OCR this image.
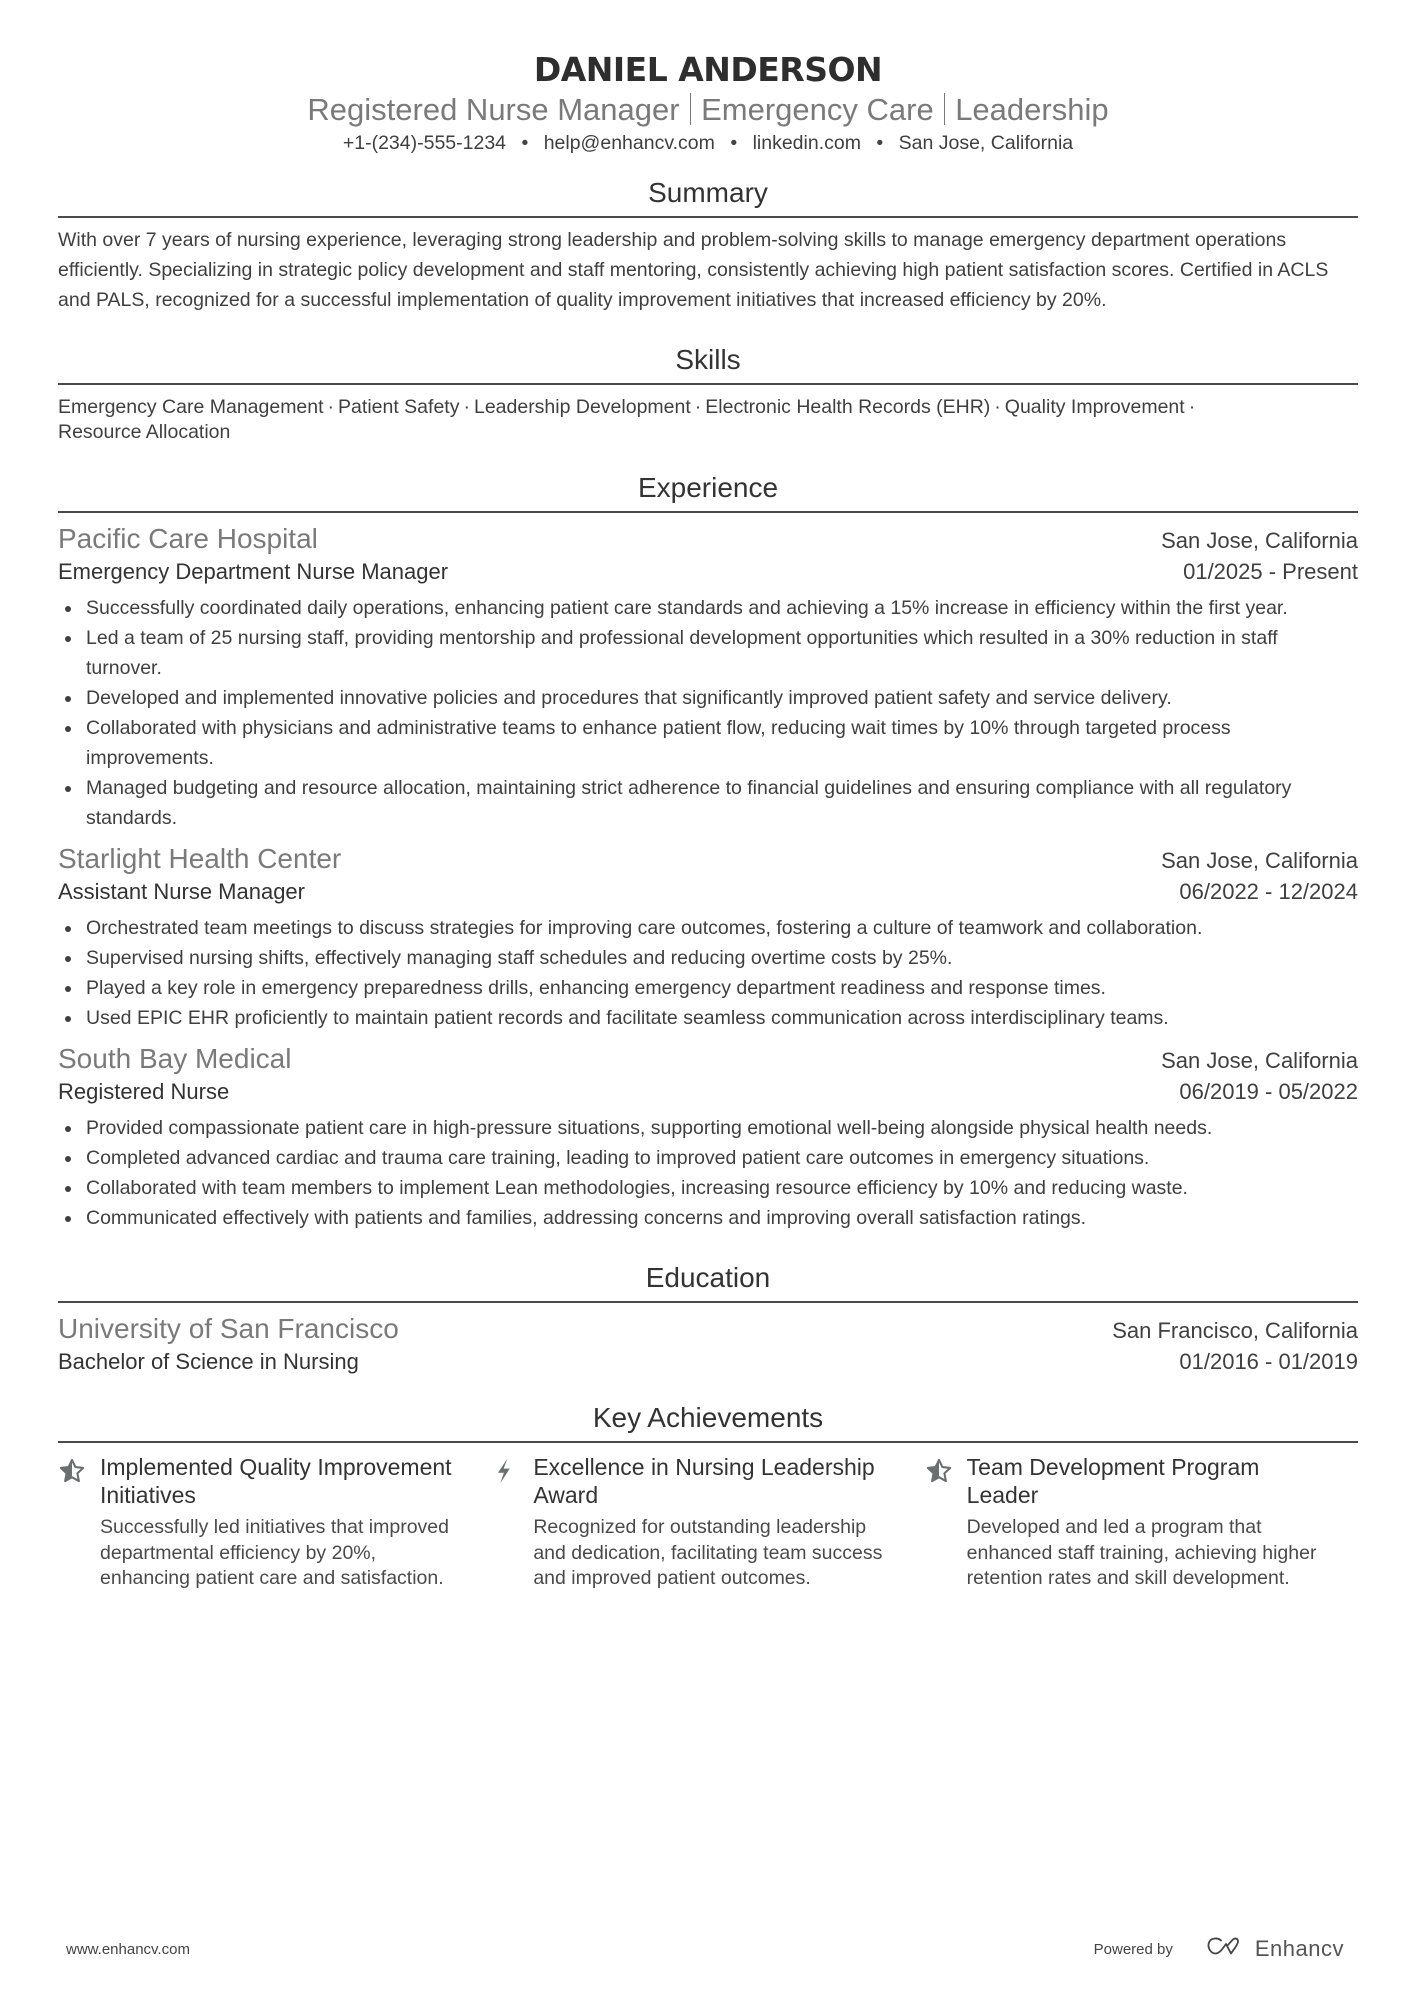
DANIEL ANDERSON
Registered Nurse Manager Emergency Care Leadership
+1-(234)-555-1234 • help@enhancv.com • linkedin.com • San Jose, California
Summary

With over 7 years of nursing experience, leveraging strong leadership and problem-solving skills to manage emergency department operations efficiently. Specializing in strategic policy development and staff mentoring, consistently achieving high patient satisfaction scores. Certified in ACLS and PALS, recognized for a successful implementation of quality improvement initiatives that increased efficiency by 20%.

Skills
Emergency Care Management · Patient Safety · Leadership Development · Electronic Health Records (EHR) · Quality Improvement ·
Resource Allocation
Experience
Pacific Care Hospital	San Jose, California
Emergency Department Nurse Manager	01/2025 - Present
Successfully coordinated daily operations, enhancing patient care standards and achieving a 15% increase in efficiency within the first year.
Led a team of 25 nursing staff, providing mentorship and professional development opportunities which resulted in a 30% reduction in staff turnover.
Developed and implemented innovative policies and procedures that significantly improved patient safety and service delivery.
Collaborated with physicians and administrative teams to enhance patient flow, reducing wait times by 10% through targeted process improvements.
Managed budgeting and resource allocation, maintaining strict adherence to financial guidelines and ensuring compliance with all regulatory standards.
Starlight Health Center	San Jose, California
Assistant Nurse Manager	06/2022 - 12/2024
Orchestrated team meetings to discuss strategies for improving care outcomes, fostering a culture of teamwork and collaboration.
Supervised nursing shifts, effectively managing staff schedules and reducing overtime costs by 25%.
Played a key role in emergency preparedness drills, enhancing emergency department readiness and response times.
Used EPIC EHR proficiently to maintain patient records and facilitate seamless communication across interdisciplinary teams.
South Bay Medical	San Jose, California
Registered Nurse	06/2019 - 05/2022
Provided compassionate patient care in high-pressure situations, supporting emotional well-being alongside physical health needs.
Completed advanced cardiac and trauma care training, leading to improved patient care outcomes in emergency situations.
Collaborated with team members to implement Lean methodologies, increasing resource efficiency by 10% and reducing waste.
Communicated effectively with patients and families, addressing concerns and improving overall satisfaction ratings.
Education
University of San Francisco	San Francisco, California
Bachelor of Science in Nursing	01/2016 - 01/2019
Key Achievements
Implemented Quality Improvement Initiatives
Successfully led initiatives that improved departmental efficiency by 20%, enhancing patient care and satisfaction.
Excellence in Nursing Leadership Award
Recognized for outstanding leadership and dedication, facilitating team success and improved patient outcomes.
Team Development Program Leader
Developed and led a program that enhanced staff training, achieving higher retention rates and skill development.
www.enhancv.com	Powered by	Enhancv
